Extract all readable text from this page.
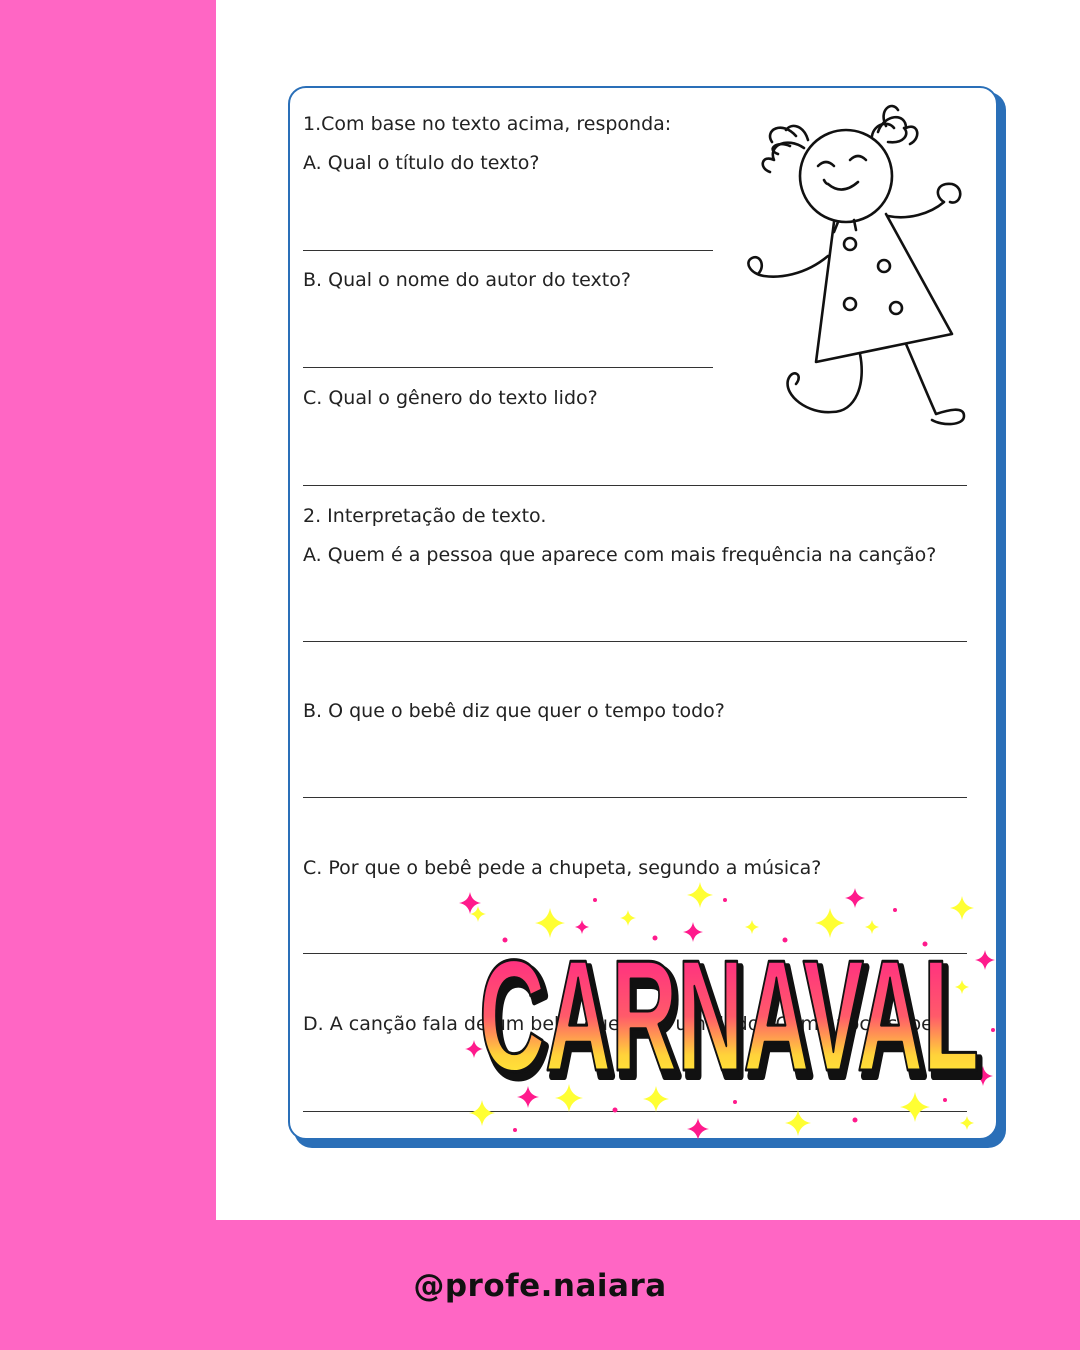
1.Com base no texto acima, responda:

A. Qual o título do texto?

B. Qual o nome do autor do texto?

C. Qual o gênero do texto lido?

2. Interpretação de texto.

A. Quem é a pessoa que aparece com mais frequência na canção?

B. O que o bebê diz que quer o tempo todo?

C. Por que o bebê pede a chupeta, segundo a música?

D. A canção fala de um bebê que quer um dedo? Como você sabe?

CARNAVAL
CARNAVAL
@profe.naiara
